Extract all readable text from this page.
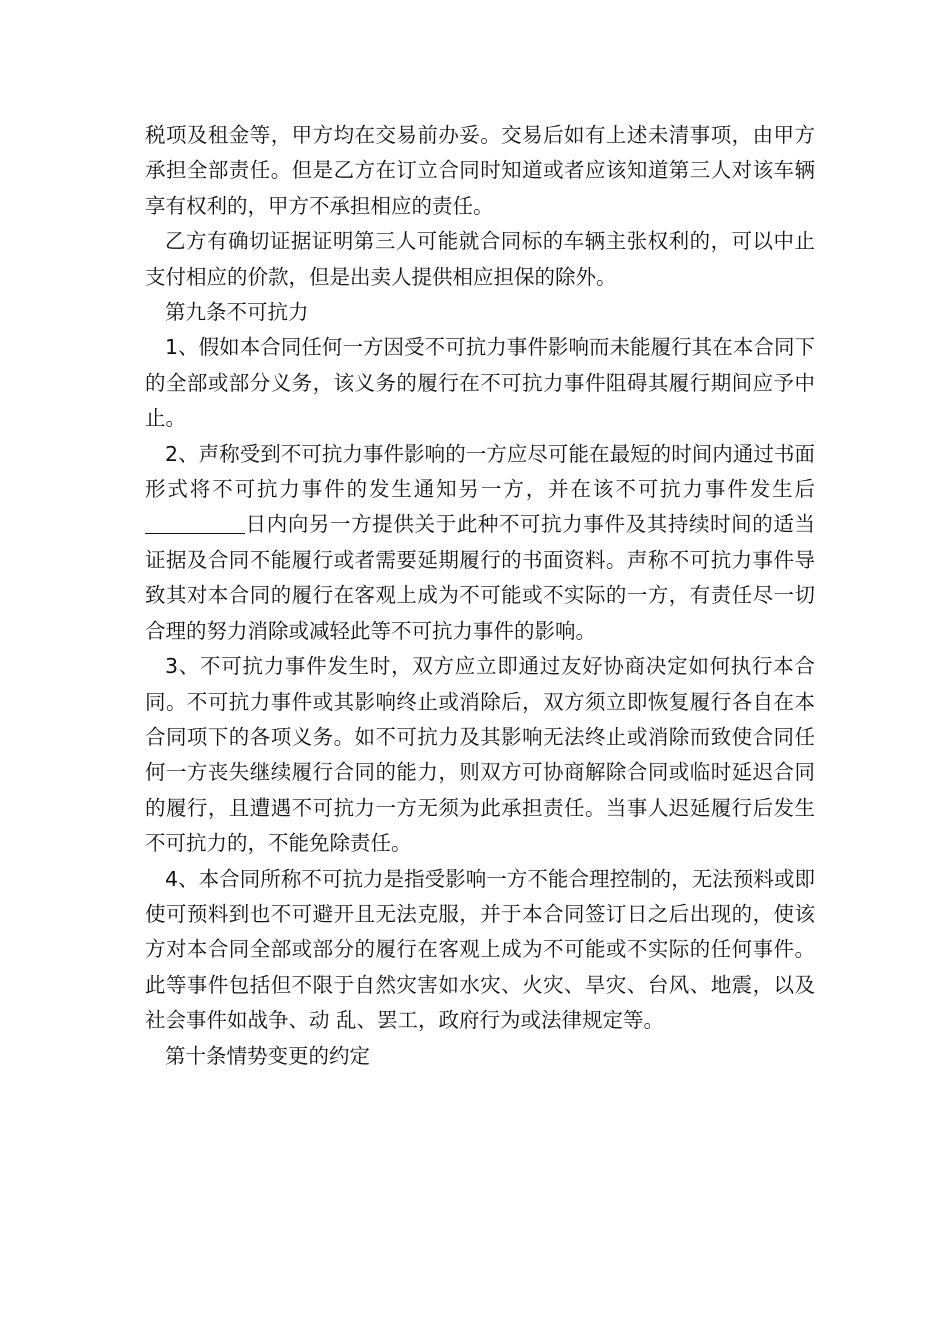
税项及租金等，甲方均在交易前办妥。交易后如有上述未清事项，由甲方承担全部责任。但是乙方在订立合同时知道或者应该知道第三人对该车辆享有权利的，甲方不承担相应的责任。

乙方有确切证据证明第三人可能就合同标的车辆主张权利的，可以中止支付相应的价款，但是出卖人提供相应担保的除外。

第九条不可抗力

1、假如本合同任何一方因受不可抗力事件影响而未能履行其在本合同下的全部或部分义务，该义务的履行在不可抗力事件阻碍其履行期间应予中止。

2、声称受到不可抗力事件影响的一方应尽可能在最短的时间内通过书面形式将不可抗力事件的发生通知另一方，并在该不可抗力事件发生后日内向另一方提供关于此种不可抗力事件及其持续时间的适当证据及合同不能履行或者需要延期履行的书面资料。声称不可抗力事件导致其对本合同的履行在客观上成为不可能或不实际的一方，有责任尽一切合理的努力消除或减轻此等不可抗力事件的影响。

3、不可抗力事件发生时，双方应立即通过友好协商决定如何执行本合同。不可抗力事件或其影响终止或消除后，双方须立即恢复履行各自在本合同项下的各项义务。如不可抗力及其影响无法终止或消除而致使合同任何一方丧失继续履行合同的能力，则双方可协商解除合同或临时延迟合同的履行，且遭遇不可抗力一方无须为此承担责任。当事人迟延履行后发生不可抗力的，不能免除责任。

4、本合同所称不可抗力是指受影响一方不能合理控制的，无法预料或即使可预料到也不可避开且无法克服，并于本合同签订日之后出现的，使该方对本合同全部或部分的履行在客观上成为不可能或不实际的任何事件。此等事件包括但不限于自然灾害如水灾、火灾、旱灾、台风、地震，以及社会事件如战争、动 乱、罢工，政府行为或法律规定等。

第十条情势变更的约定
